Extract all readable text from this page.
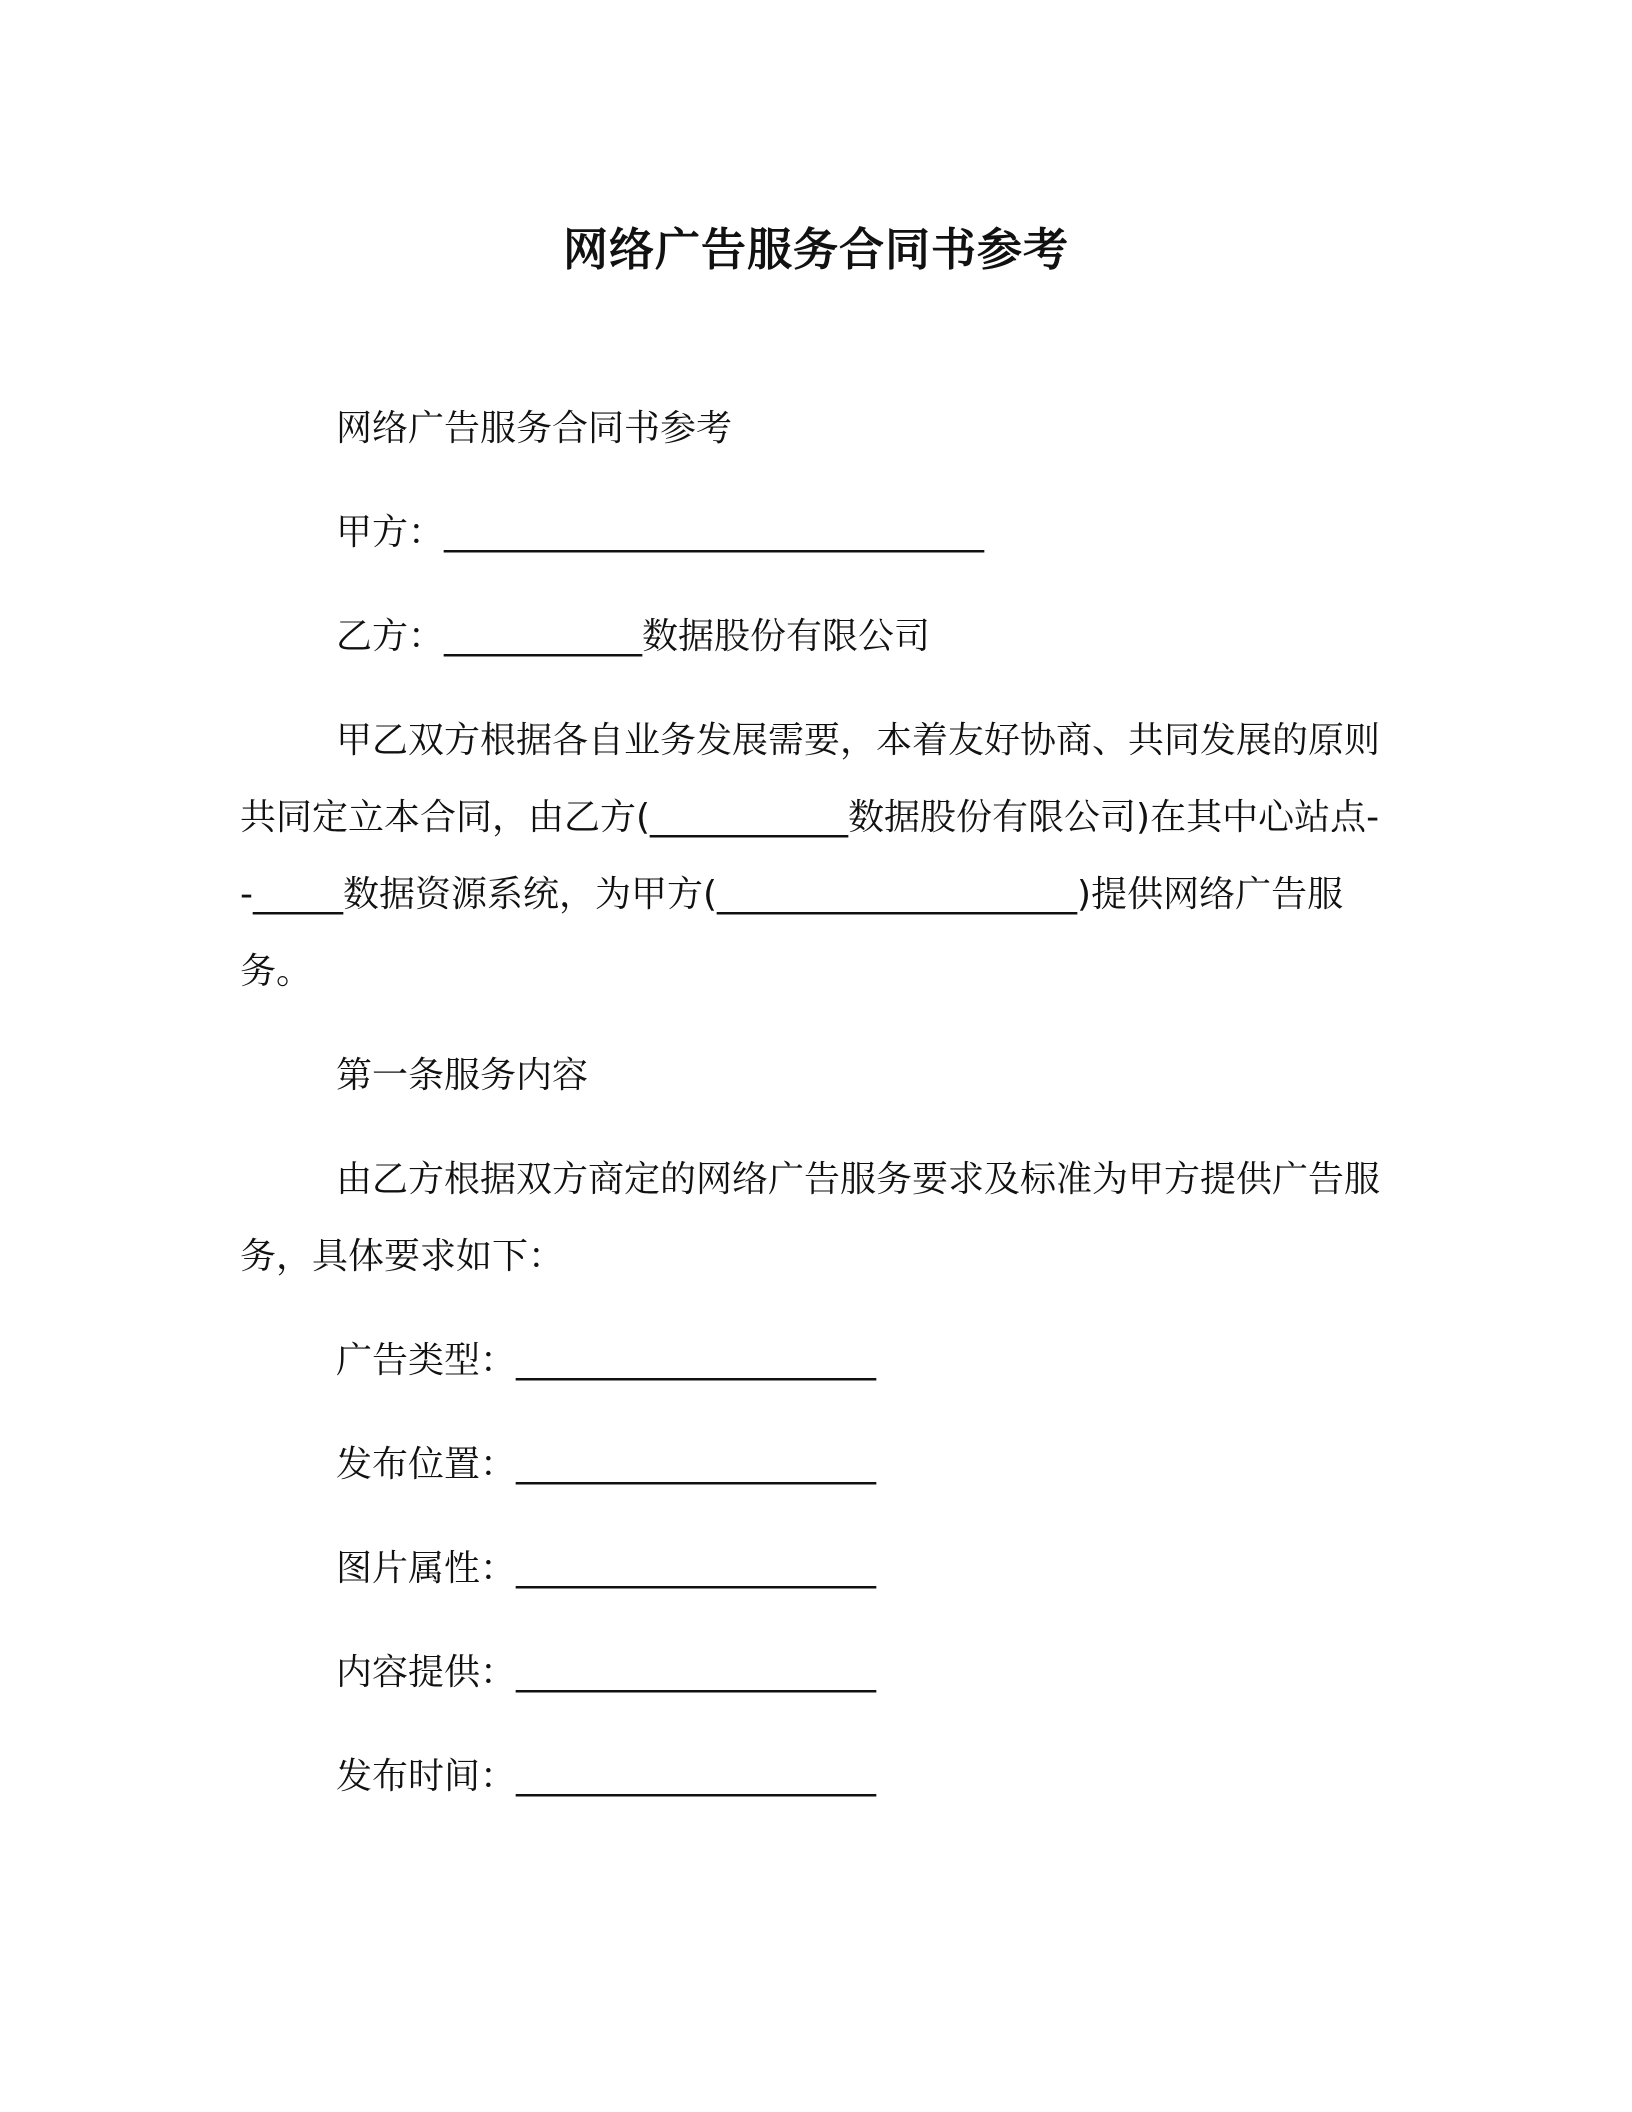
网络广告服务合同书参考

网络广告服务合同书参考

甲方：______________________________

乙方：___________数据股份有限公司

甲乙双方根据各自业务发展需要，本着友好协商、共同发展的原则共同定立本合同，由乙方(___________数据股份有限公司)在其中心站点--_____数据资源系统，为甲方(____________________)提供网络广告服务。

第一条服务内容

由乙方根据双方商定的网络广告服务要求及标准为甲方提供广告服务，具体要求如下：

广告类型：____________________

发布位置：____________________

图片属性：____________________

内容提供：____________________

发布时间：____________________
